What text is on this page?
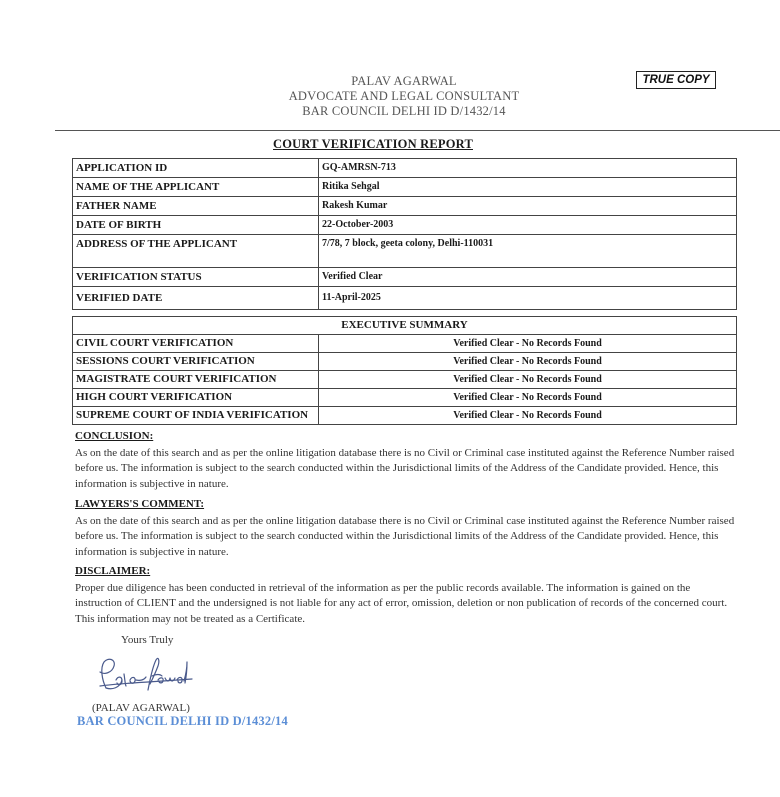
PALAV AGARWAL
ADVOCATE AND LEGAL CONSULTANT
BAR COUNCIL DELHI ID D/1432/14
TRUE COPY
COURT VERIFICATION REPORT
APPLICATION ID	GQ-AMRSN-713
NAME OF THE APPLICANT	Ritika Sehgal
FATHER NAME	Rakesh Kumar
DATE OF BIRTH	22-October-2003
ADDRESS OF THE APPLICANT	7/78, 7 block, geeta colony, Delhi-110031
VERIFICATION STATUS	Verified Clear
VERIFIED DATE	11-April-2025
EXECUTIVE SUMMARY	
CIVIL COURT VERIFICATION	Verified Clear - No Records Found
SESSIONS COURT VERIFICATION	Verified Clear - No Records Found
MAGISTRATE COURT VERIFICATION	Verified Clear - No Records Found
HIGH COURT VERIFICATION	Verified Clear - No Records Found
SUPREME COURT OF INDIA VERIFICATION	Verified Clear - No Records Found
CONCLUSION:

As on the date of this search and as per the online litigation database there is no Civil or Criminal case instituted against the Reference Number raised before us. The information is subject to the search conducted within the Jurisdictional limits of the Address of the Candidate provided. Hence, this information is subjective in nature.

LAWYERS'S COMMENT:

As on the date of this search and as per the online litigation database there is no Civil or Criminal case instituted against the Reference Number raised before us. The information is subject to the search conducted within the Jurisdictional limits of the Address of the Candidate provided. Hence, this information is subjective in nature.

DISCLAIMER:

Proper due diligence has been conducted in retrieval of the information as per the public records available. The information is gained on the instruction of CLIENT and the undersigned is not liable for any act of error, omission, deletion or non publication of records of the concerned court. This information may not be treated as a Certificate.

Yours Truly
(PALAV AGARWAL)
BAR COUNCIL DELHI ID D/1432/14
